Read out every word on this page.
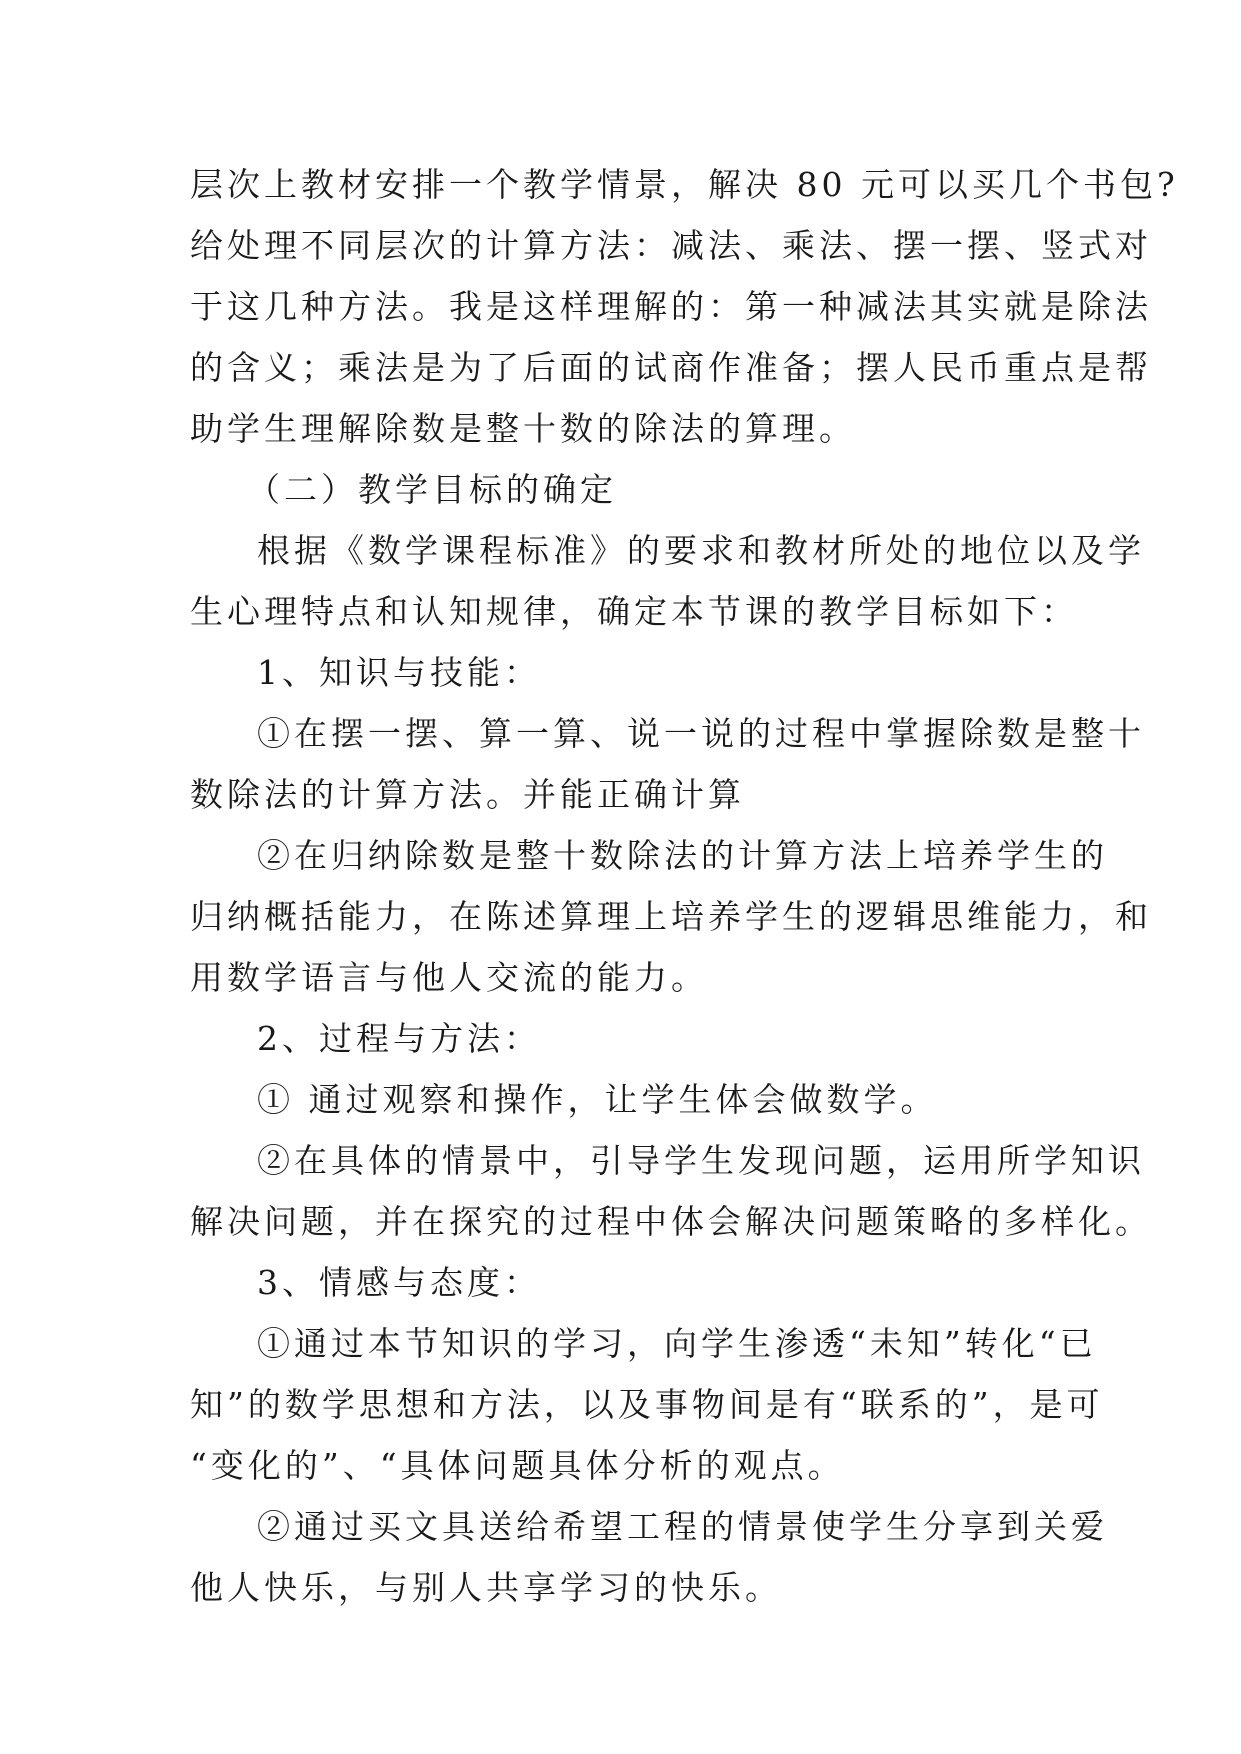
层次上教材安排一个教学情景，解决 80 元可以买几个书包?
给处理不同层次的计算方法：减法、乘法、摆一摆、竖式对
于这几种方法。我是这样理解的：第一种减法其实就是除法
的含义；乘法是为了后面的试商作准备；摆人民币重点是帮
助学生理解除数是整十数的除法的算理。
（二）教学目标的确定
根据《数学课程标准》的要求和教材所处的地位以及学
生心理特点和认知规律，确定本节课的教学目标如下：
1、知识与技能：
①在摆一摆、算一算、说一说的过程中掌握除数是整十
数除法的计算方法。并能正确计算
②在归纳除数是整十数除法的计算方法上培养学生的
归纳概括能力，在陈述算理上培养学生的逻辑思维能力，和
用数学语言与他人交流的能力。
2、过程与方法：
① 通过观察和操作，让学生体会做数学。
②在具体的情景中，引导学生发现问题，运用所学知识
解决问题，并在探究的过程中体会解决问题策略的多样化。
3、情感与态度：
①通过本节知识的学习，向学生渗透“未知”转化“已
知”的数学思想和方法，以及事物间是有“联系的”，是可
“变化的”、“具体问题具体分析的观点。
②通过买文具送给希望工程的情景使学生分享到关爱
他人快乐，与别人共享学习的快乐。
